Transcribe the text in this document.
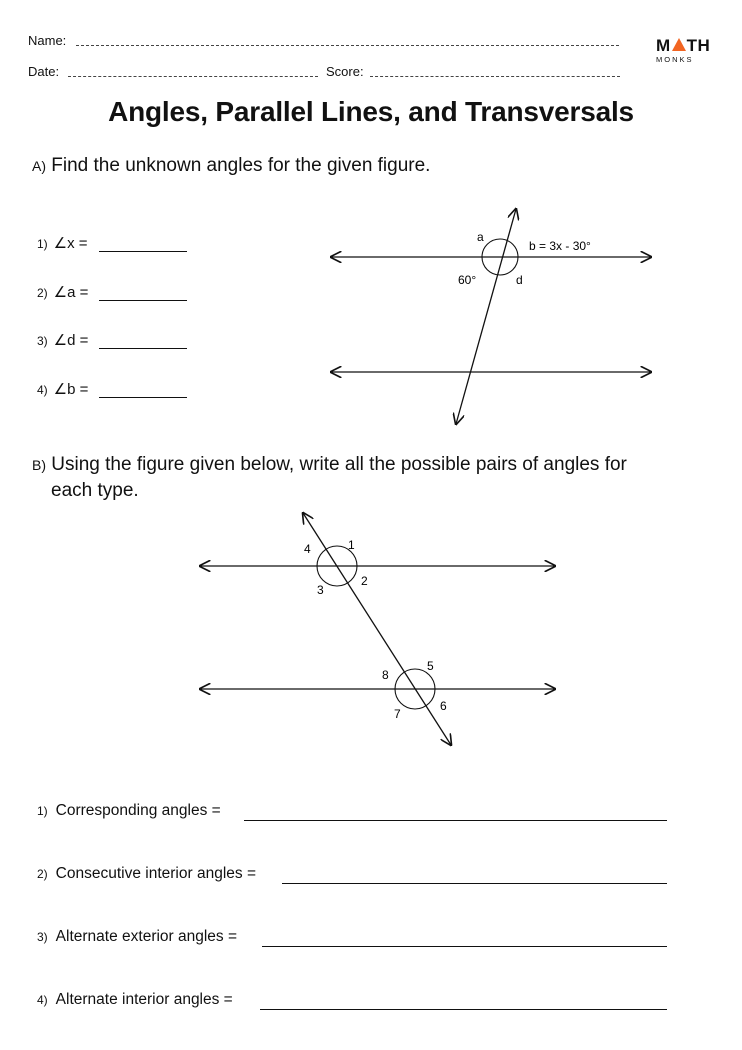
Name:
Date:	Score:
M TH
MONKS
Angles, Parallel Lines, and Transversals
A) Find the unknown angles for the given figure.
1) ∠x =
2) ∠a =
3) ∠d =
4) ∠b =
B) Using the figure given below, write all the possible pairs of angles for
each type.
1) Corresponding angles =
2) Consecutive interior angles =
3) Alternate exterior angles =
4) Alternate interior angles =
a
b = 3x - 30°
60°	d
1
2
3
4
5
6
7
8
